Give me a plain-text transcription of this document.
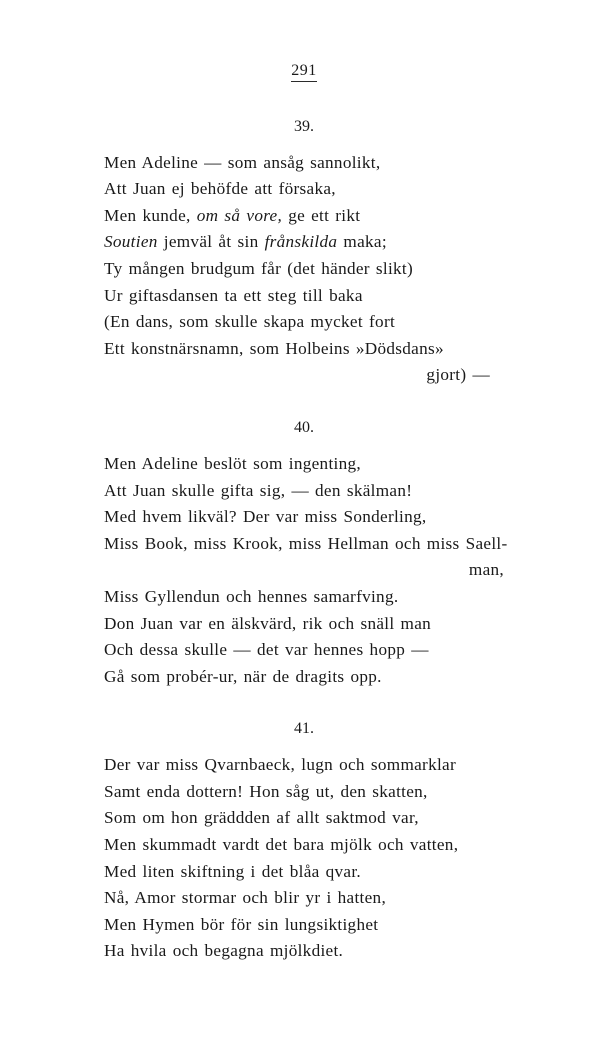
291
39.
Men Adeline — som ansåg sannolikt,
Att Juan ej behöfde att försaka,
Men kunde, om så vore, ge ett rikt
Soutien jemväl åt sin frånskilda maka;
Ty mången brudgum får (det händer slikt)
Ur giftasdansen ta ett steg till baka
(En dans, som skulle skapa mycket fort
Ett konstnärsnamn, som Holbeins »Dödsdans»
gjort) —
40.
Men Adeline beslöt som ingenting,
Att Juan skulle gifta sig, — den skälman!
Med hvem likväl? Der var miss Sonderling,
Miss Book, miss Krook, miss Hellman och miss Saell-
man,
Miss Gyllendun och hennes samarfving.
Don Juan var en älskvärd, rik och snäll man
Och dessa skulle — det var hennes hopp —
Gå som probér-ur, när de dragits opp.
41.
Der var miss Qvarnbaeck, lugn och sommarklar
Samt enda dottern! Hon såg ut, den skatten,
Som om hon gräddden af allt saktmod var,
Men skummadt vardt det bara mjölk och vatten,
Med liten skiftning i det blåa qvar.
Nå, Amor stormar och blir yr i hatten,
Men Hymen bör för sin lungsiktighet
Ha hvila och begagna mjölkdiet.
